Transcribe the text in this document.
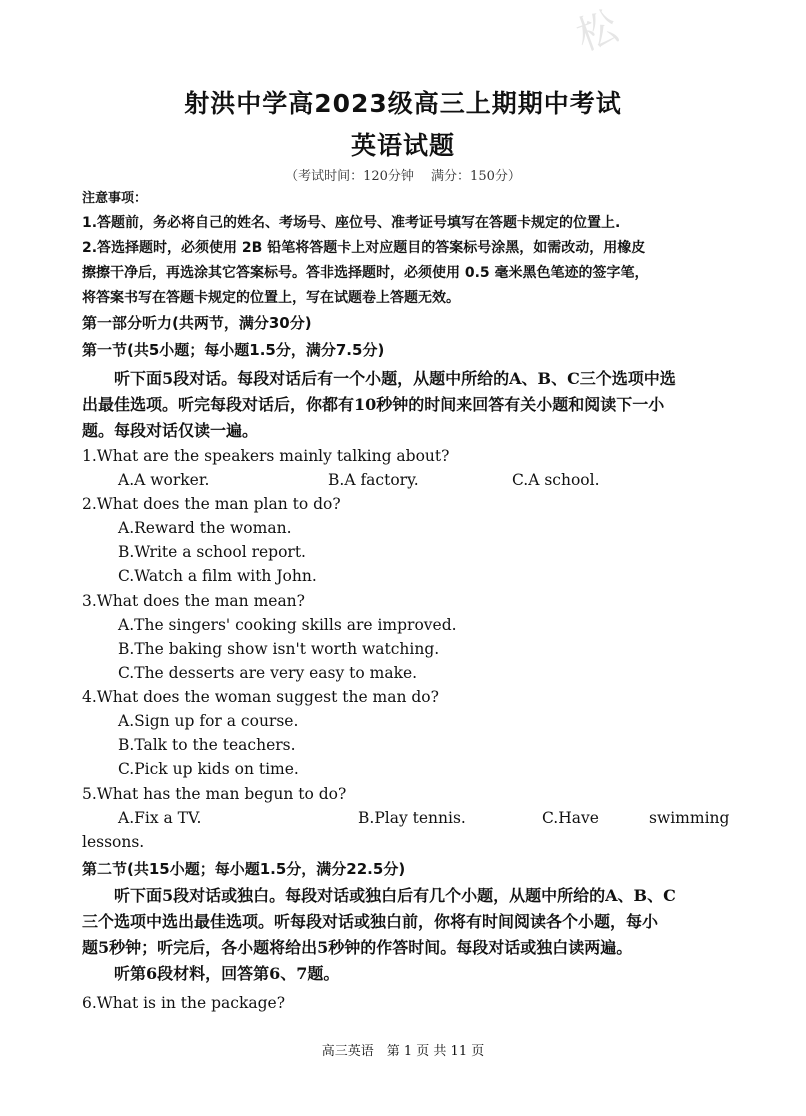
松
射洪中学高2023级高三上期期中考试
英语试题
（考试时间：120分钟　 满分：150分）

注意事项：

1.答题前，务必将自己的姓名、考场号、座位号、准考证号填写在答题卡规定的位置上.

2.答选择题时，必须使用 2B 铅笔将答题卡上对应题目的答案标号涂黑，如需改动，用橡皮

擦擦干净后，再选涂其它答案标号。答非选择题时，必须使用 0.5 毫米黑色笔迹的签字笔，

将答案书写在答题卡规定的位置上，写在试题卷上答题无效。

第一部分听力(共两节，满分30分)
第一节(共5小题；每小题1.5分，满分7.5分)
听下面5段对话。每段对话后有一个小题，从题中所给的A、B、C三个选项中选
出最佳选项。听完每段对话后，你都有10秒钟的时间来回答有关小题和阅读下一小
题。每段对话仅读一遍。
1.What are the speakers mainly talking about?
A.A worker.	B.A factory.	C.A school.
2.What does the man plan to do?
A.Reward the woman.
B.Write a school report.
C.Watch a film with John.
3.What does the man mean?
A.The singers' cooking skills are improved.
B.The baking show isn't worth watching.
C.The desserts are very easy to make.
4.What does the woman suggest the man do?
A.Sign up for a course.
B.Talk to the teachers.
C.Pick up kids on time.
5.What has the man begun to do?
A.Fix a TV.	B.Play tennis.	C.Have	swimming
lessons.
第二节(共15小题；每小题1.5分，满分22.5分)
听下面5段对话或独白。每段对话或独白后有几个小题，从题中所给的A、B、C
三个选项中选出最佳选项。听每段对话或独白前，你将有时间阅读各个小题，每小
题5秒钟；听完后，各小题将给出5秒钟的作答时间。每段对话或独白读两遍。
听第6段材料，回答第6、7题。
6.What is in the package?
高三英语　第 1 页 共 11 页
